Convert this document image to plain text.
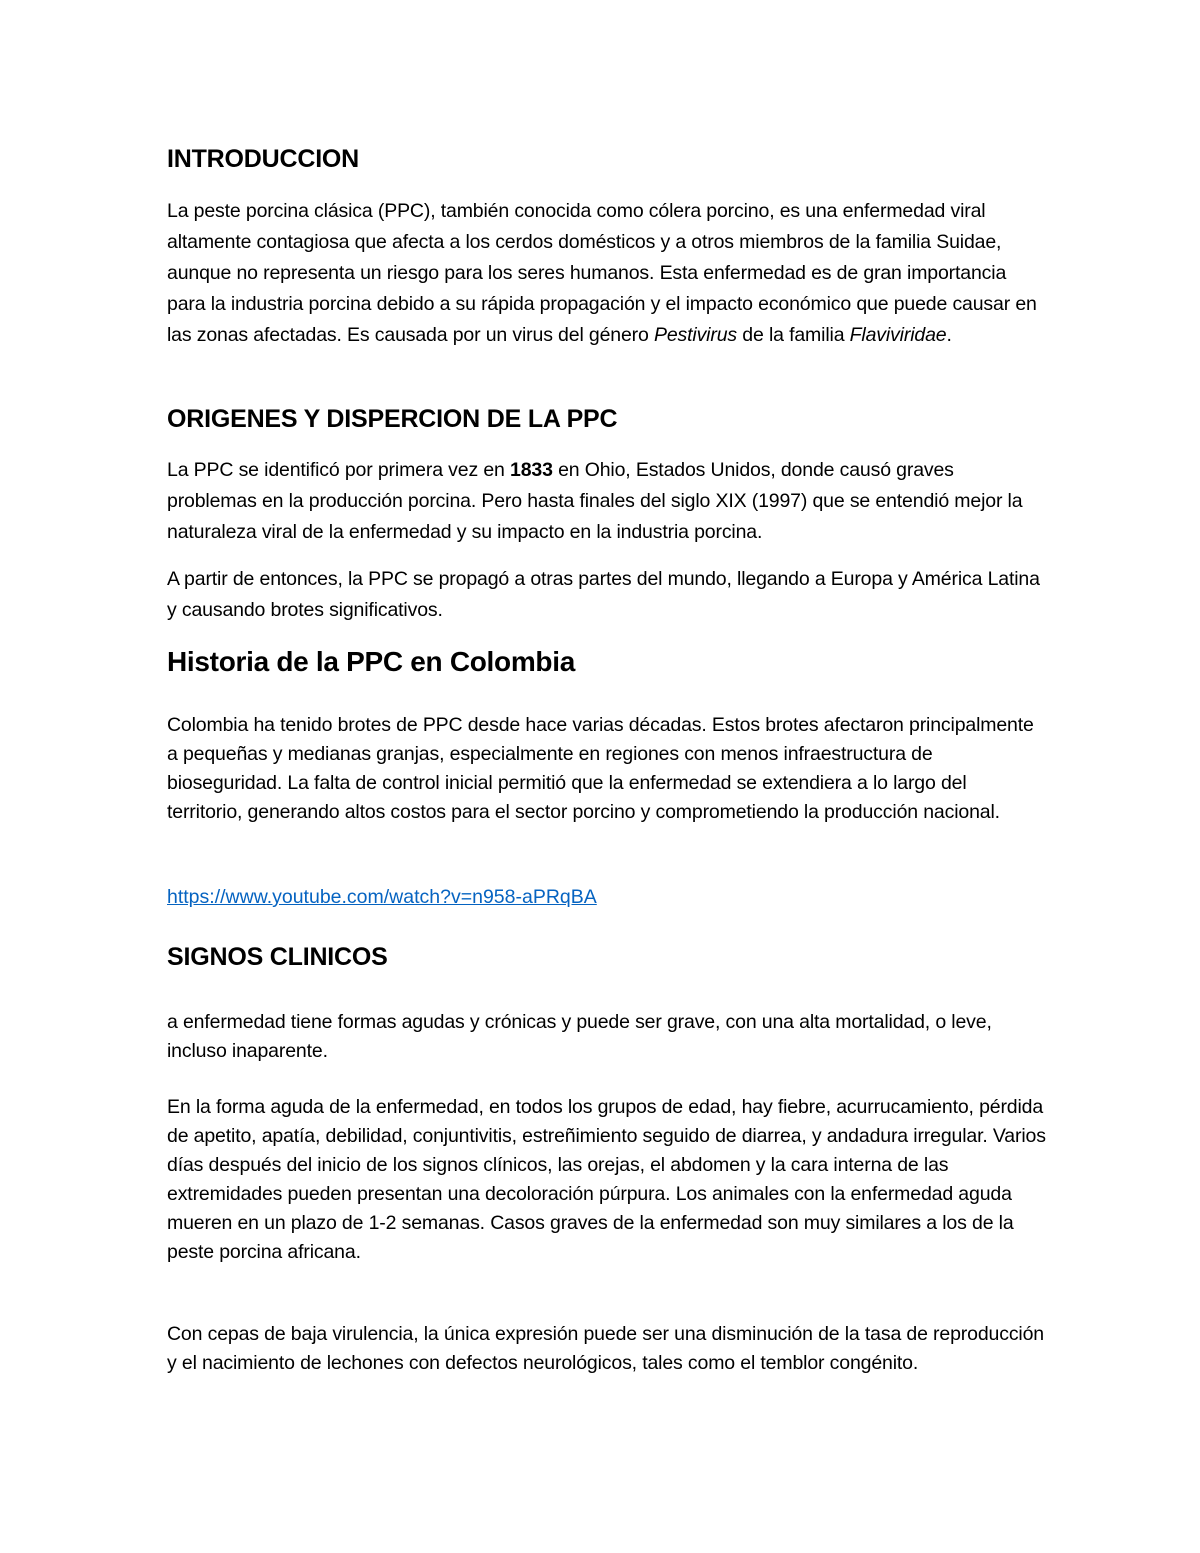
INTRODUCCION

La peste porcina clásica (PPC), también conocida como cólera porcino, es una enfermedad viral altamente contagiosa que afecta a los cerdos domésticos y a otros miembros de la familia Suidae, aunque no representa un riesgo para los seres humanos. Esta enfermedad es de gran importancia para la industria porcina debido a su rápida propagación y el impacto económico que puede causar en las zonas afectadas. Es causada por un virus del género Pestivirus de la familia Flaviviridae.

ORIGENES Y DISPERCION DE LA PPC

La PPC se identificó por primera vez en 1833 en Ohio, Estados Unidos, donde causó graves problemas en la producción porcina. Pero hasta finales del siglo XIX (1997) que se entendió mejor la naturaleza viral de la enfermedad y su impacto en la industria porcina.

A partir de entonces, la PPC se propagó a otras partes del mundo, llegando a Europa y América Latina y causando brotes significativos.

Historia de la PPC en Colombia

Colombia ha tenido brotes de PPC desde hace varias décadas. Estos brotes afectaron principalmente a pequeñas y medianas granjas, especialmente en regiones con menos infraestructura de bioseguridad. La falta de control inicial permitió que la enfermedad se extendiera a lo largo del territorio, generando altos costos para el sector porcino y comprometiendo la producción nacional.

https://www.youtube.com/watch?v=n958-aPRqBA
SIGNOS CLINICOS

a enfermedad tiene formas agudas y crónicas y puede ser grave, con una alta mortalidad, o leve, incluso inaparente.

En la forma aguda de la enfermedad, en todos los grupos de edad, hay fiebre, acurrucamiento, pérdida de apetito, apatía, debilidad, conjuntivitis, estreñimiento seguido de diarrea, y andadura irregular. Varios días después del inicio de los signos clínicos, las orejas, el abdomen y la cara interna de las extremidades pueden presentan una decoloración púrpura. Los animales con la enfermedad aguda mueren en un plazo de 1-2 semanas. Casos graves de la enfermedad son muy similares a los de la peste porcina africana.

Con cepas de baja virulencia, la única expresión puede ser una disminución de la tasa de reproducción y el nacimiento de lechones con defectos neurológicos, tales como el temblor congénito.
